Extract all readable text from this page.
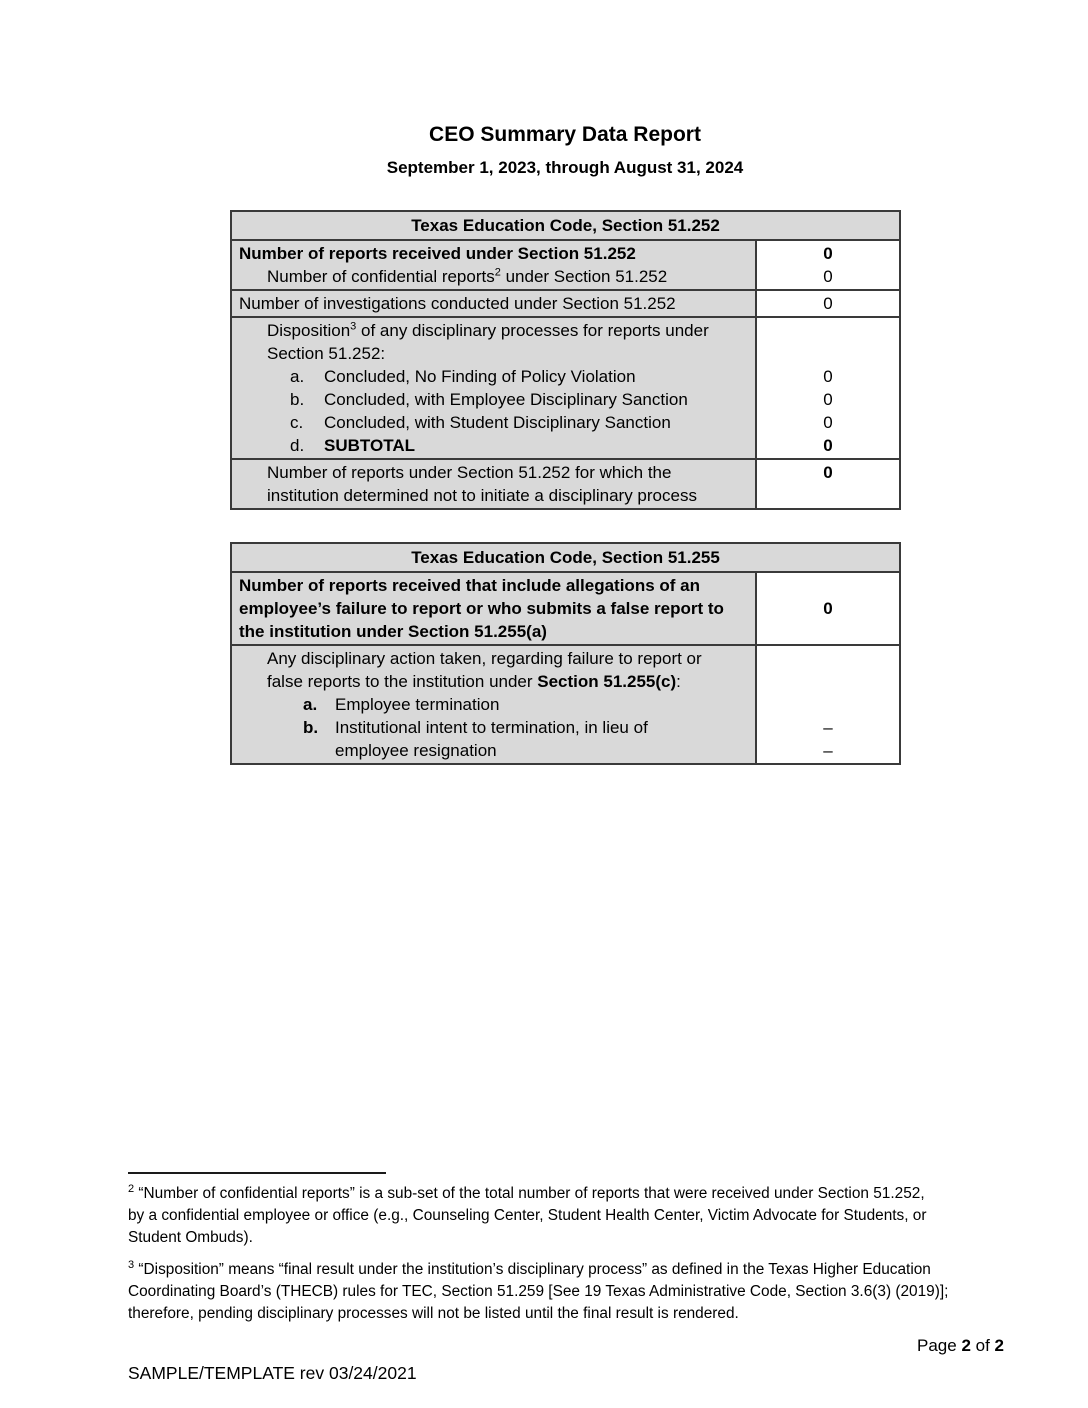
CEO Summary Data Report
September 1, 2023, through August 31, 2024
Texas Education Code, Section 51.252
Number of reports received under Section 51.252
Number of confidential reports$^2$ under Section 51.252
0
0
Number of investigations conducted under Section 51.252	0
Disposition$^3$ of any disciplinary processes for reports under
Section 51.252:
a. Concluded, No Finding of Policy Violation
b. Concluded, with Employee Disciplinary Sanction
c. Concluded, with Student Disciplinary Sanction
d. SUBTOTAL

0
0
0
0
Number of reports under Section 51.252 for which the
institution determined not to initiate a disciplinary process
0

Texas Education Code, Section 51.255
Number of reports received that include allegations of an
employee’s failure to report or who submits a false report to
the institution under Section 51.255(a)
0
Any disciplinary action taken, regarding failure to report or
false reports to the institution under Section 51.255(c):
a. Employee termination
b. Institutional intent to termination, in lieu of
employee resignation

–
–

$^2$ “Number of confidential reports” is a sub-set of the total number of reports that were received under Section 51.252,
by a confidential employee or office (e.g., Counseling Center, Student Health Center, Victim Advocate for Students, or
Student Ombuds).

$^3$ “Disposition” means “final result under the institution’s disciplinary process” as defined in the Texas Higher Education
Coordinating Board’s (THECB) rules for TEC, Section 51.259 [See 19 Texas Administrative Code, Section 3.6(3) (2019)];
therefore, pending disciplinary processes will not be listed until the final result is rendered.

Page 2 of 2
SAMPLE/TEMPLATE rev 03/24/2021
